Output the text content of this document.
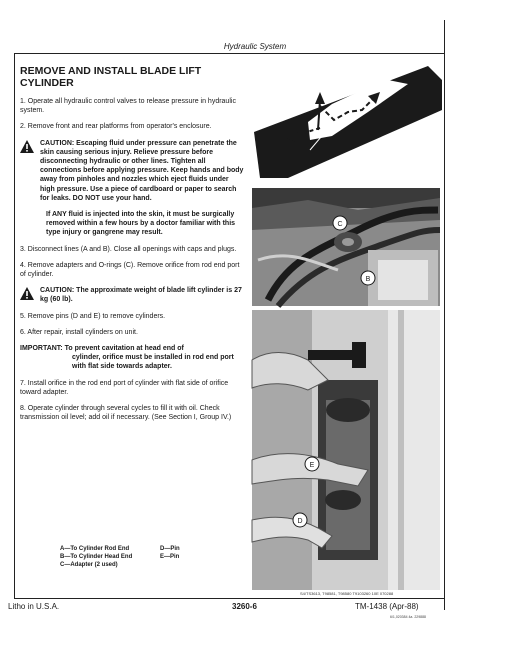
Hydraulic System
REMOVE AND INSTALL BLADE LIFT CYLINDER
1. Operate all hydraulic control valves to release pressure in hydraulic system.
2. Remove front and rear platforms from operator's enclosure.
CAUTION: Escaping fluid under pressure can penetrate the skin causing serious injury. Relieve pressure before disconnecting hydraulic or other lines. Tighten all connections before applying pressure. Keep hands and body away from pinholes and nozzles which eject fluids under high pressure. Use a piece of cardboard or paper to search for leaks. DO NOT use your hand.
If ANY fluid is injected into the skin, it must be surgically removed within a few hours by a doctor familiar with this type injury or gangrene may result.
3. Disconnect lines (A and B). Close all openings with caps and plugs.
4. Remove adapters and O-rings (C). Remove orifice from rod end port of cylinder.
CAUTION: The approximate weight of blade lift cylinder is 27 kg (60 lb).
5. Remove pins (D and E) to remove cylinders.
6. After repair, install cylinders on unit.
IMPORTANT: To prevent cavitation at head end of
cylinder, orifice must be installed in rod end port with flat side towards adapter.
7. Install orifice in the rod end port of cylinder with flat side of orifice toward adapter.
8. Operate cylinder through several cycles to fill it with oil. Check transmission oil level; add oil if necessary. (See Section I, Group IV.)
A—To Cylinder Rod End	D—Pin
B—To Cylinder Head End	E—Pin
C—Adapter (2 used)
C
B
E
D
S4/TS3613, T98581, T98580 T9103260 10E 070288
Litho in U.S.A.	3260-6	TM-1438 (Apr-88)
6/1,020384 4a. 229888
